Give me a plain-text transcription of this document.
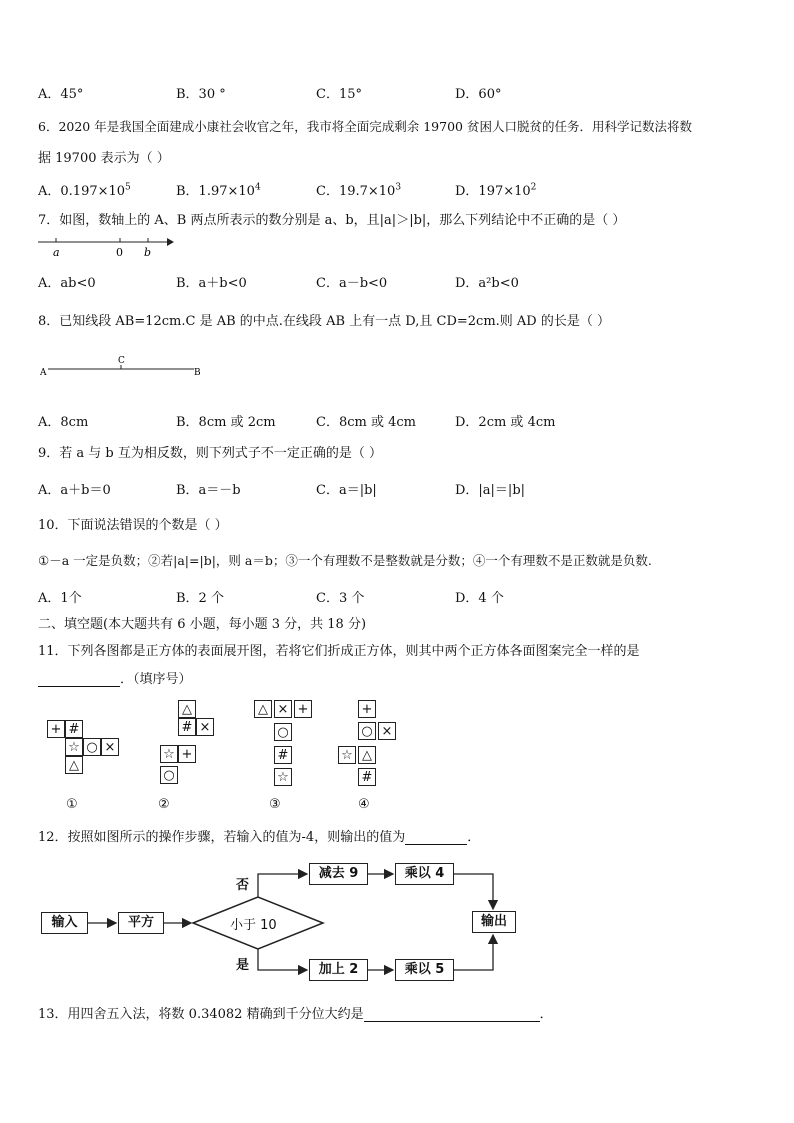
A．45°	B．30 °	C．15°	D．60°
6．2020 年是我国全面建成小康社会收官之年，我市将全面完成剩余 19700 贫困人口脱贫的任务．用科学记数法将数
据 19700 表示为（ ）
A．$0.197\times 10^5$	B．$1.97\times 10^4$	C．$19.7\times 10^3$	D．$197\times 10^2$
7．如图，数轴上的 A、B 两点所表示的数分别是 a、b，且|a|＞|b|，那么下列结论中不正确的是（ ）
a	0 b
A．ab<0	B．a＋b<0	C．a－b<0	D．a²b<0
8．已知线段 AB=12cm.C 是 AB 的中点.在线段 AB 上有一点 D,且 CD=2cm.则 AD 的长是（ ）
A
C
B
A．8cm	B．8cm 或 2cm	C．8cm 或 4cm	D．2cm 或 4cm
9．若 a 与 b 互为相反数，则下列式子不一定正确的是（ ）
A．a＋b＝0	B．a＝－b	C．a＝|b|	D．|a|＝|b|
10．下面说法错误的个数是（ ）
①－a 一定是负数；②若|a|=|b|，则 a＝b；③一个有理数不是整数就是分数；④一个有理数不是正数就是负数.
A．1个	B．2 个	C．3 个	D．4 个
二、填空题(本大题共有 6 小题，每小题 3 分，共 18 分)
11．下列各图都是正方体的表面展开图，若将它们折成正方体，则其中两个正方体各面图案完全一样的是
．（填序号）
+ #
☆ ○ ×
△
①
△
# ×
☆ +
○
②
△ × +
○
#
☆
③
+
○ ×
☆ △
#
④
12．按照如图所示的操作步骤，若输入的值为-4，则输出的值为	．
输入	平方	小于 10
否
是
减去 9	乘以 4
加上 2	乘以 5
输出
13．用四舍五入法，将数 0.34082 精确到千分位大约是	．
